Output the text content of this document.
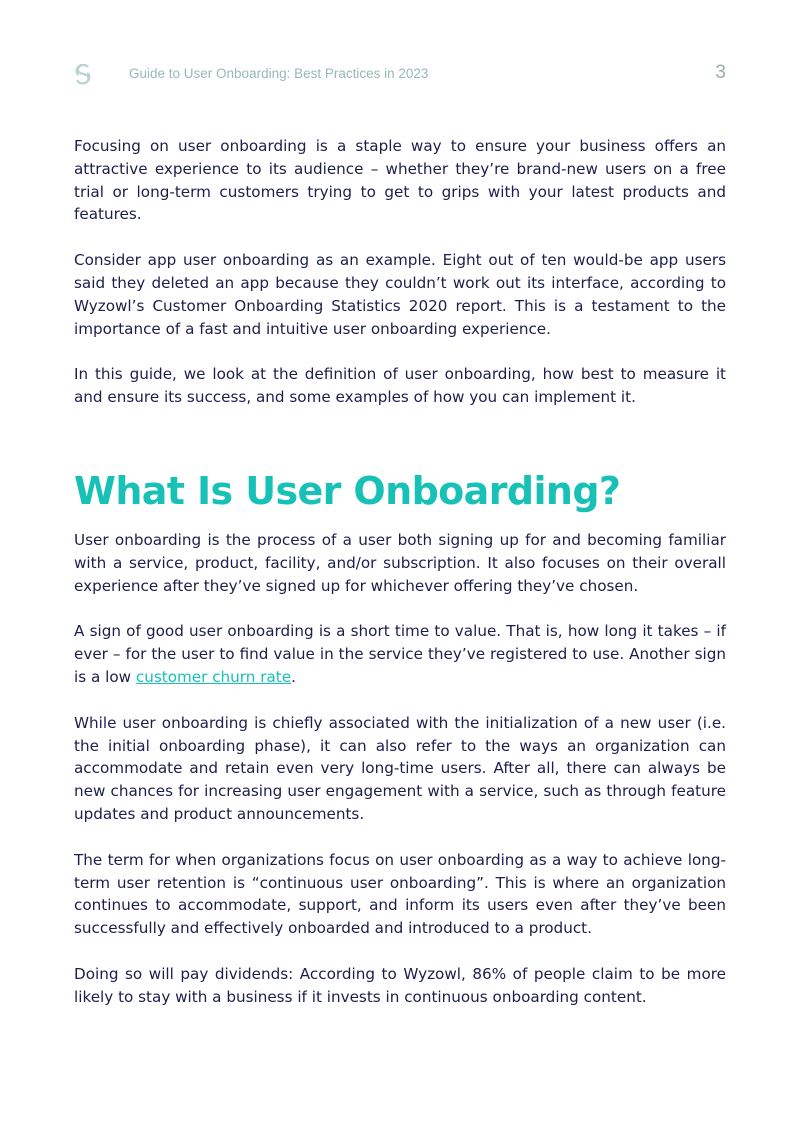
Guide to User Onboarding: Best Practices in 2023	3

Focusing on user onboarding is a staple way to ensure your business offers an attractive experience to its audience – whether they’re brand-new users on a free trial or long-term customers trying to get to grips with your latest products and features.

Consider app user onboarding as an example. Eight out of ten would-be app users said they deleted an app because they couldn’t work out its interface, according to Wyzowl’s Customer Onboarding Statistics 2020 report. This is a testament to the importance of a fast and intuitive user onboarding experience.

In this guide, we look at the definition of user onboarding, how best to measure it and ensure its success, and some examples of how you can implement it.

What Is User Onboarding?

User onboarding is the process of a user both signing up for and becoming familiar with a service, product, facility, and/or subscription. It also focuses on their overall experience after they’ve signed up for whichever offering they’ve chosen.

A sign of good user onboarding is a short time to value. That is, how long it takes – if ever – for the user to find value in the service they’ve registered to use. Another sign is a low customer churn rate.

While user onboarding is chiefly associated with the initialization of a new user (i.e. the initial onboarding phase), it can also refer to the ways an organization can accommodate and retain even very long-time users. After all, there can always be new chances for increasing user engagement with a service, such as through feature updates and product announcements.

The term for when organizations focus on user onboarding as a way to achieve long-term user retention is “continuous user onboarding”. This is where an organization continues to accommodate, support, and inform its users even after they’ve been successfully and effectively onboarded and introduced to a product.

Doing so will pay dividends: According to Wyzowl, 86% of people claim to be more likely to stay with a business if it invests in continuous onboarding content.
